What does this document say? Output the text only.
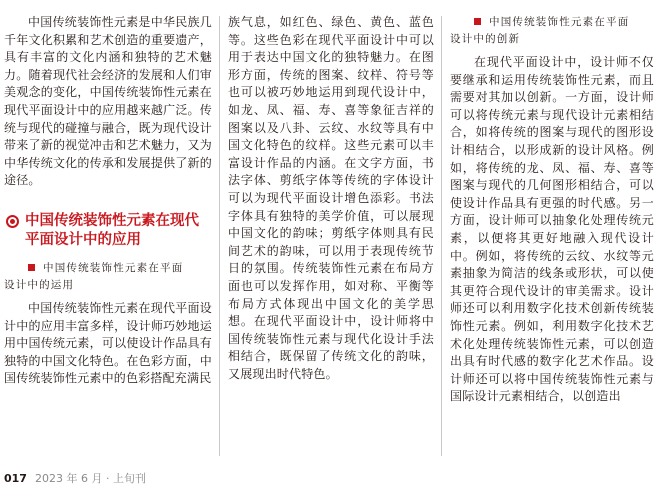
中国传统装饰性元素是中华民族几千年文化积累和艺术创造的重要遗产，具有丰富的文化内涵和独特的艺术魅力。随着现代社会经济的发展和人们审美观念的变化，中国传统装饰性元素在现代平面设计中的应用越来越广泛。传统与现代的碰撞与融合，既为现代设计带来了新的视觉冲击和艺术魅力，又为中华传统文化的传承和发展提供了新的途径。

中国传统装饰性元素在现代平面设计中的应用
中国传统装饰性元素在平面
设计中的运用

中国传统装饰性元素在现代平面设计中的应用丰富多样，设计师巧妙地运用中国传统元素，可以使设计作品具有独特的中国文化特色。在色彩方面，中国传统装饰性元素中的色彩搭配充满民

族气息，如红色、绿色、黄色、蓝色等。这些色彩在现代平面设计中可以用于表达中国文化的独特魅力。在图形方面，传统的图案、纹样、符号等也可以被巧妙地运用到现代设计中，如龙、凤、福、寿、喜等象征吉祥的图案以及八卦、云纹、水纹等具有中国文化特色的纹样。这些元素可以丰富设计作品的内涵。在文字方面，书法字体、剪纸字体等传统的字体设计可以为现代平面设计增色添彩。书法字体具有独特的美学价值，可以展现中国文化的韵味；剪纸字体则具有民间艺术的韵味，可以用于表现传统节日的氛围。传统装饰性元素在布局方面也可以发挥作用，如对称、平衡等布局方式体现出中国文化的美学思想。在现代平面设计中，设计师将中国传统装饰性元素与现代化设计手法相结合，既保留了传统文化的韵味，又展现出时代特色。

中国传统装饰性元素在平面
设计中的创新

在现代平面设计中，设计师不仅要继承和运用传统装饰性元素，而且需要对其加以创新。一方面，设计师可以将传统元素与现代设计元素相结合，如将传统的图案与现代的图形设计相结合，以形成新的设计风格。例如，将传统的龙、凤、福、寿、喜等图案与现代的几何图形相结合，可以使设计作品具有更强的时代感。另一方面，设计师可以抽象化处理传统元素，以便将其更好地融入现代设计中。例如，将传统的云纹、水纹等元素抽象为简洁的线条或形状，可以使其更符合现代设计的审美需求。设计师还可以利用数字化技术创新传统装饰性元素。例如，利用数字化技术艺术化处理传统装饰性元素，可以创造出具有时代感的数字化艺术作品。设计师还可以将中国传统装饰性元素与国际设计元素相结合，以创造出

017 2023 年 6 月 · 上旬刊
